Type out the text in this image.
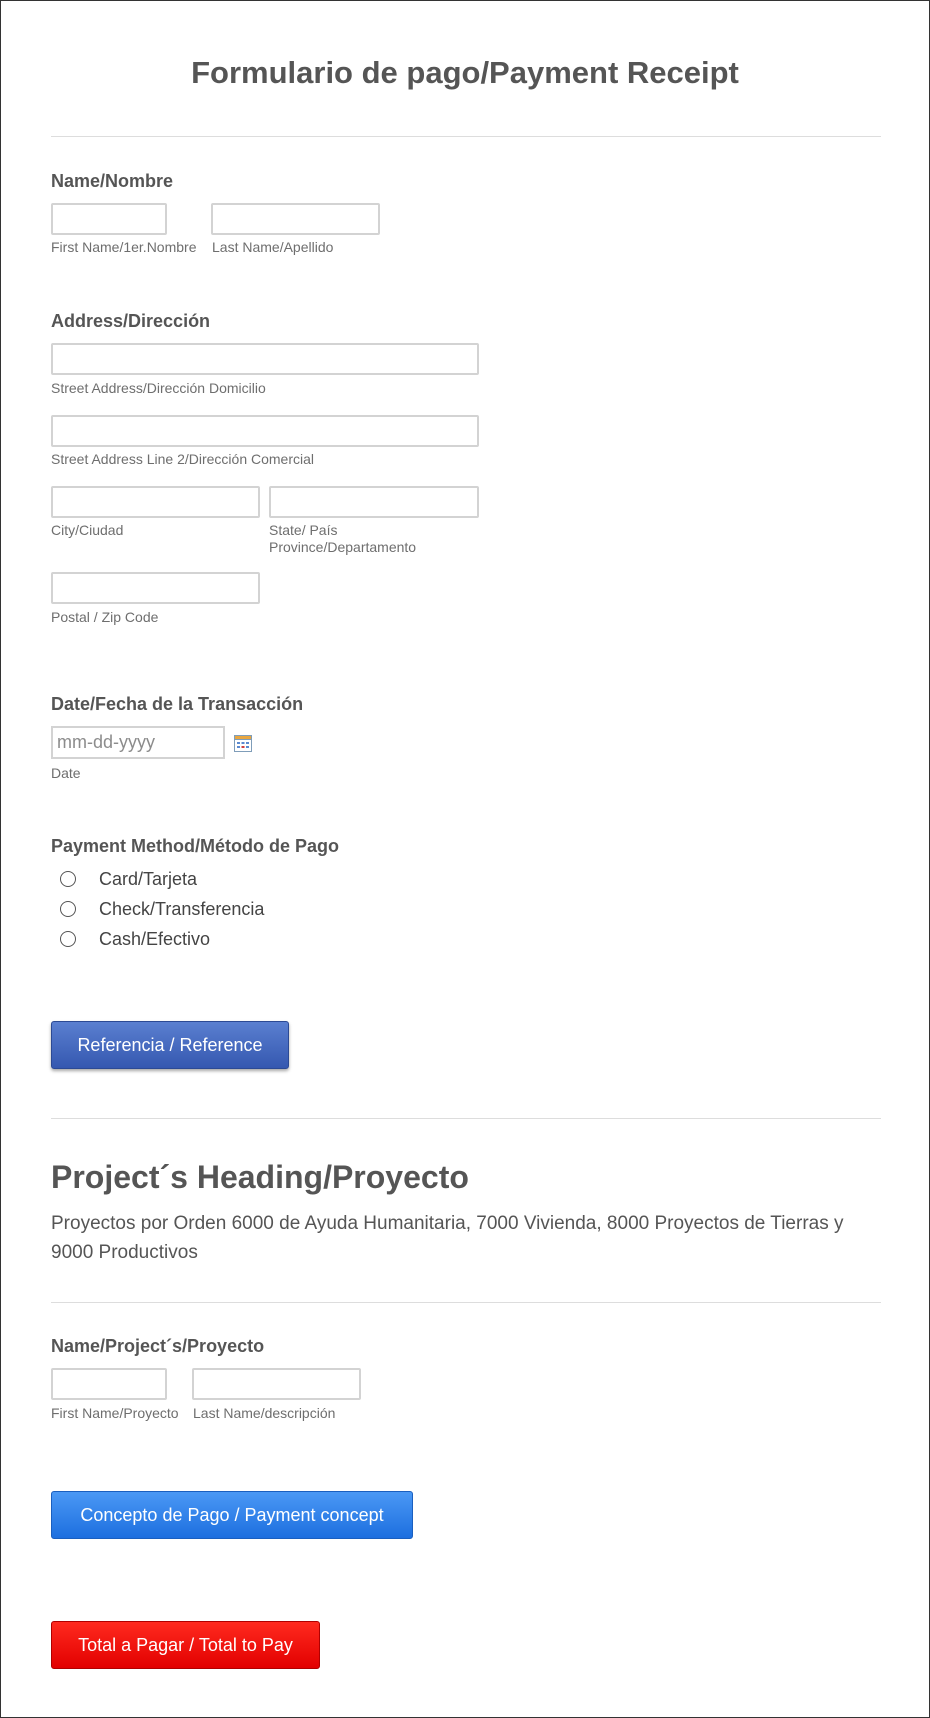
Formulario de pago/Payment Receipt
Name/Nombre
First Name/1er.Nombre Last Name/Apellido
Address/Dirección
Street Address/Dirección Domicilio
Street Address Line 2/Dirección Comercial
City/Ciudad	State/ País
Province/Departamento
Postal / Zip Code
Date/Fecha de la Transacción
mm-dd-yyyy
Date
Payment Method/Método de Pago
Card/Tarjeta
Check/Transferencia
Cash/Efectivo
Referencia / Reference
Project´s Heading/Proyecto
Proyectos por Orden 6000 de Ayuda Humanitaria, 7000 Vivienda, 8000 Proyectos de Tierras y 9000 Productivos
Name/Project´s/Proyecto
First Name/Proyecto Last Name/descripción
Concepto de Pago / Payment concept
Total a Pagar / Total to Pay
